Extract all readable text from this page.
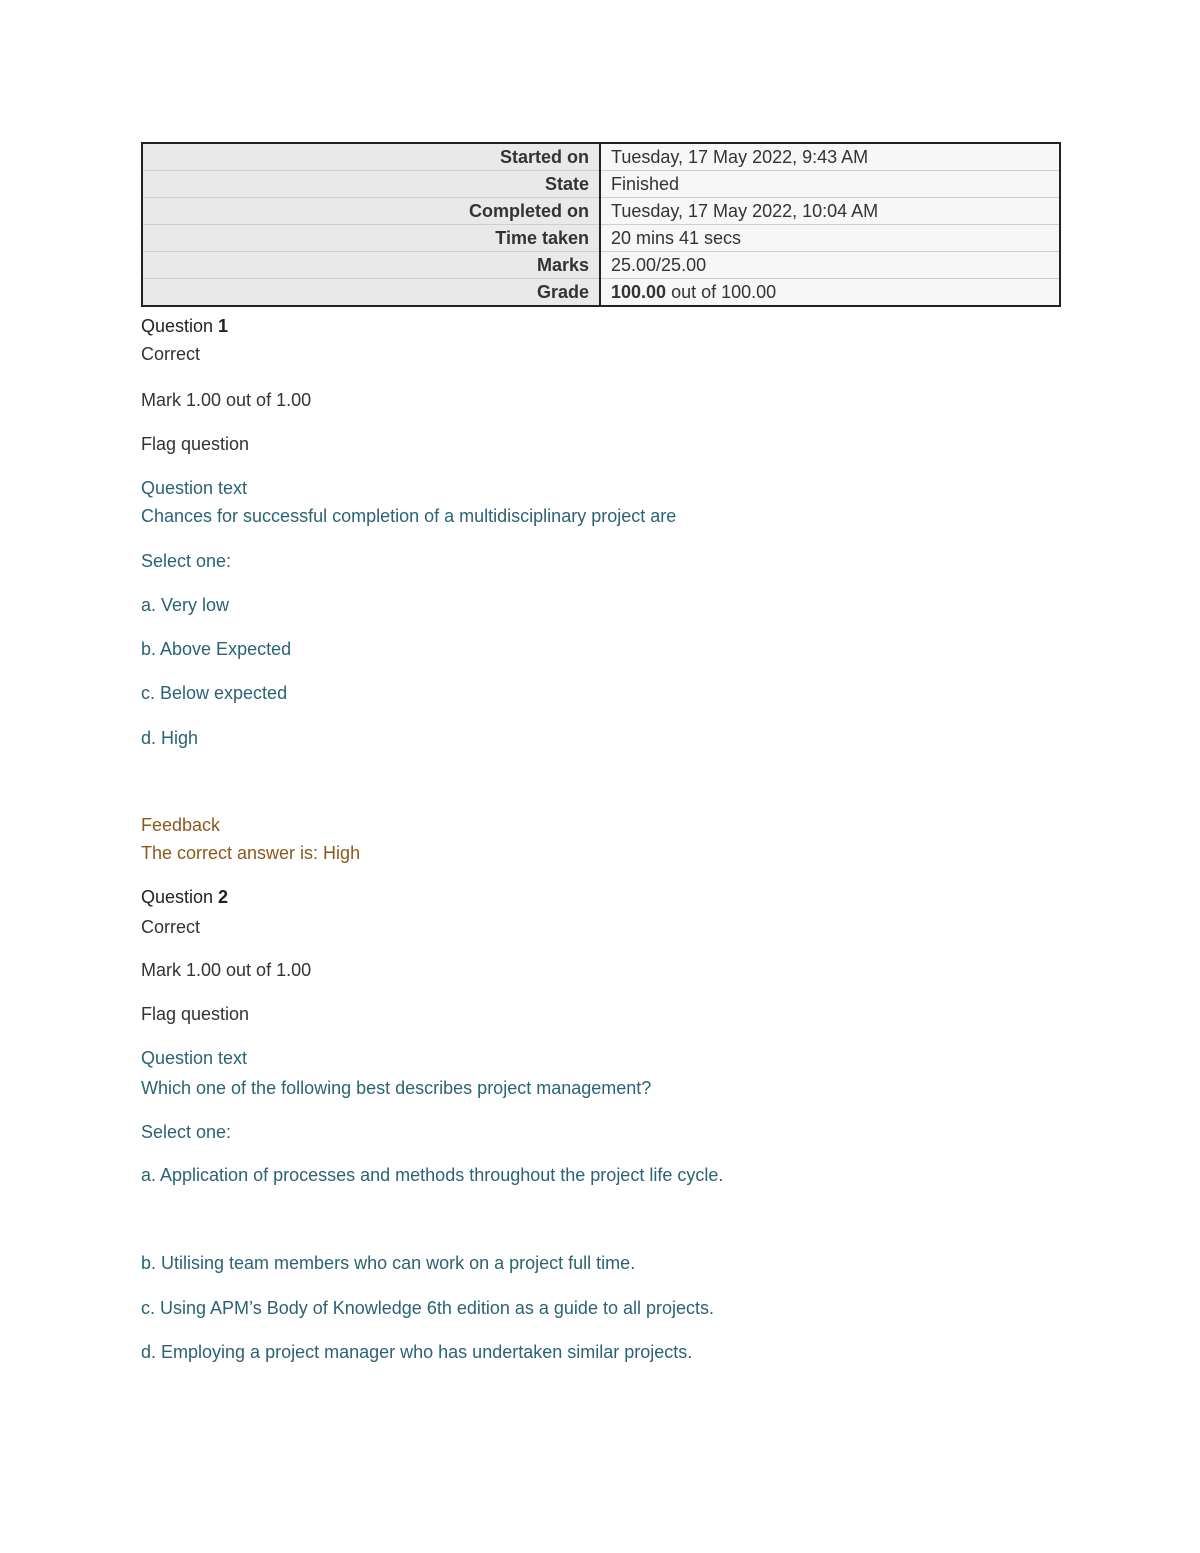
Started on	Tuesday, 17 May 2022, 9:43 AM
State	Finished
Completed on	Tuesday, 17 May 2022, 10:04 AM
Time taken	20 mins 41 secs
Marks	25.00/25.00
Grade	100.00 out of 100.00
Question 1
Correct
Mark 1.00 out of 1.00
Flag question
Question text
Chances for successful completion of a multidisciplinary project are
Select one:
a. Very low
b. Above Expected
c. Below expected
d. High
Feedback
The correct answer is: High
Question 2
Correct
Mark 1.00 out of 1.00
Flag question
Question text
Which one of the following best describes project management?
Select one:
a. Application of processes and methods throughout the project life cycle.
b. Utilising team members who can work on a project full time.
c. Using APM’s Body of Knowledge 6th edition as a guide to all projects.
d. Employing a project manager who has undertaken similar projects.
